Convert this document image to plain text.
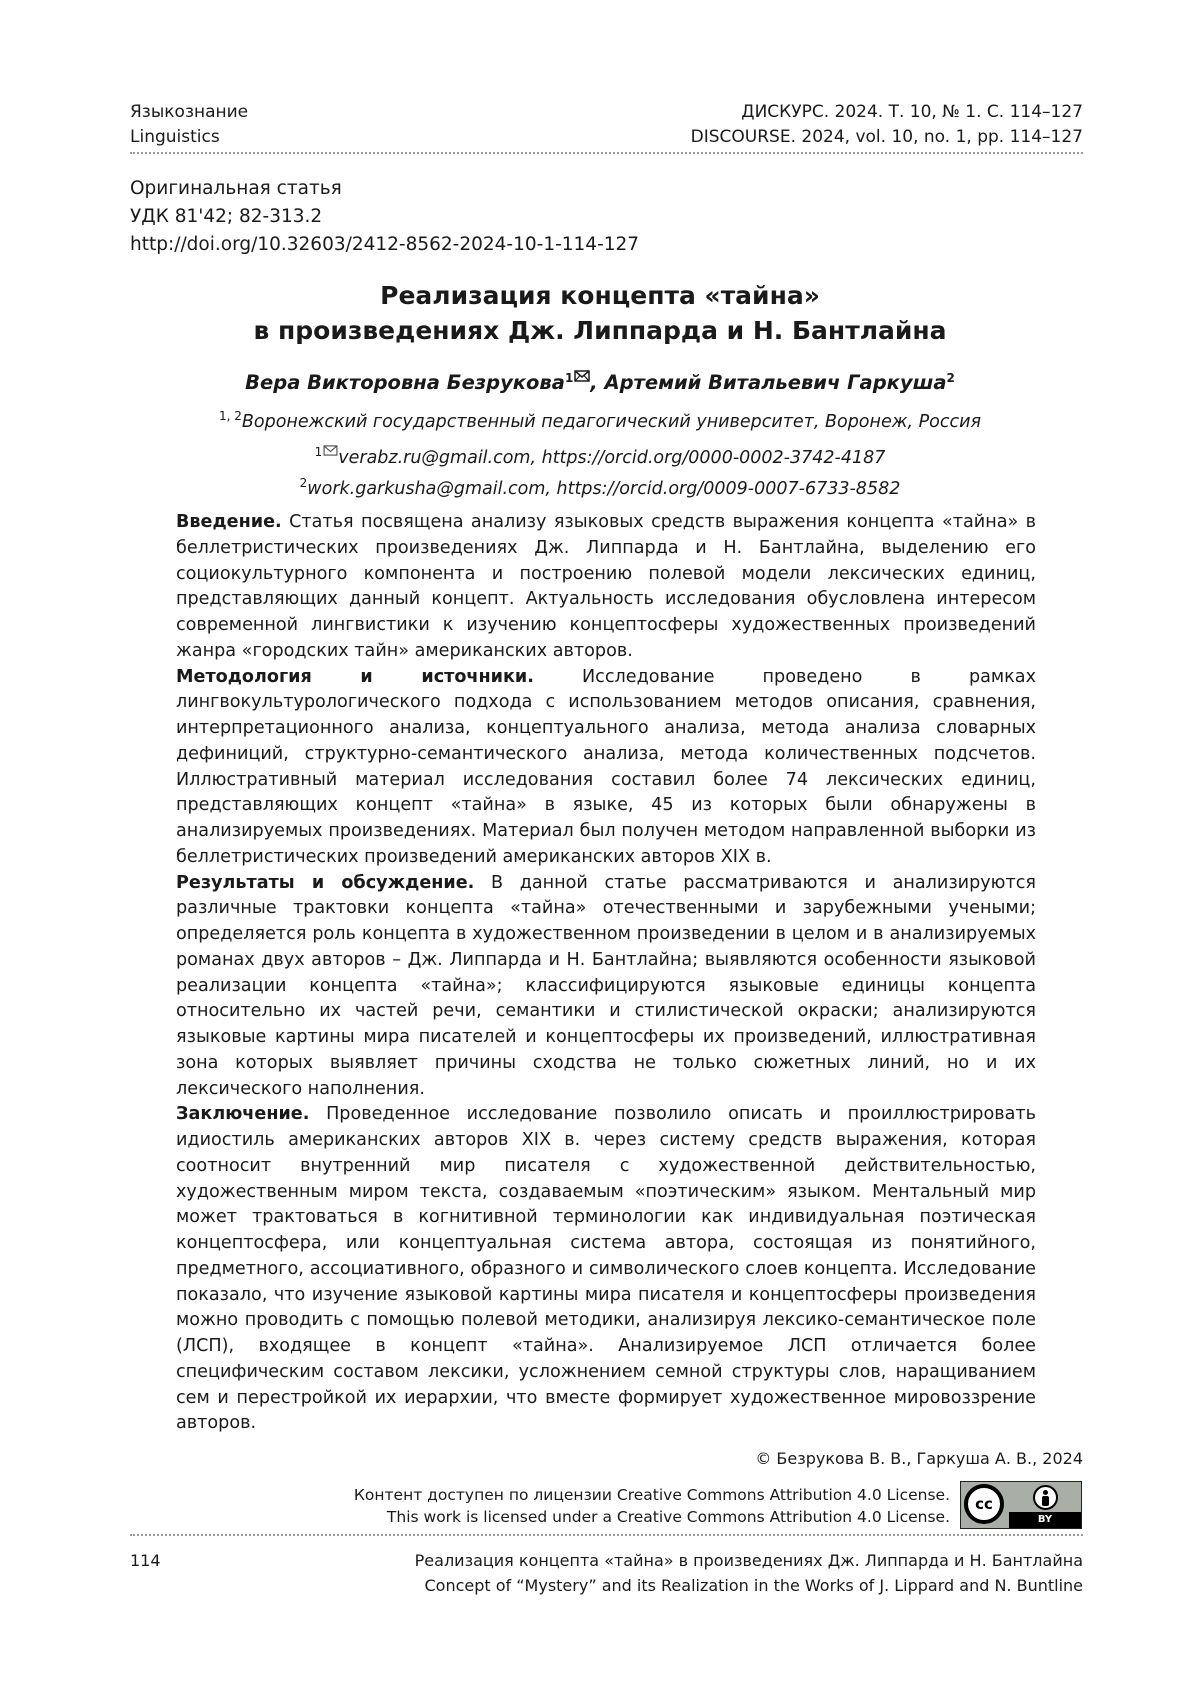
Языкознание
Linguistics
ДИСКУРС. 2024. Т. 10, № 1. С. 114–127
DISCOURSE. 2024, vol. 10, no. 1, pp. 114–127
Оригинальная статья
УДК 81'42; 82-313.2
http://doi.org/10.32603/2412-8562-2024-10-1-114-127
Реализация концепта «тайна»
в произведениях Дж. Липпарда и Н. Бантлайна
Вера Викторовна Безрукова$^1$ , Артемий Витальевич Гаркуша$^2$
$^{1, 2}$Воронежский государственный педагогический университет, Воронеж, Россия
$^1$ verabz.ru@gmail.com, https://orcid.org/0000-0002-3742-4187
$^2$work.garkusha@gmail.com, https://orcid.org/0009-0007-6733-8582

Введение. Статья посвящена анализу языковых средств выражения концепта «тайна» в беллетристических произведениях Дж. Липпарда и Н. Бантлайна, выделению его социокультурного компонента и построению полевой модели лексических единиц, представляющих данный концепт. Актуальность исследования обусловлена интересом современной лингвистики к изучению концептосферы художественных произведений жанра «городских тайн» американских авторов.

Методология и источники. Исследование проведено в рамках лингвокультурологического подхода с использованием методов описания, сравнения, интерпретационного анализа, концептуального анализа, метода анализа словарных дефиниций, структурно-семантического анализа, метода количественных подсчетов. Иллюстративный материал исследования составил более 74 лексических единиц, представляющих концепт «тайна» в языке, 45 из которых были обнаружены в анализируемых произведениях. Материал был получен методом направленной выборки из беллетристических произведений американских авторов XIX в.

Результаты и обсуждение. В данной статье рассматриваются и анализируются различные трактовки концепта «тайна» отечественными и зарубежными учеными; определяется роль концепта в художественном произведении в целом и в анализируемых романах двух авторов – Дж. Липпарда и Н. Бантлайна; выявляются особенности языковой реализации концепта «тайна»; классифицируются языковые единицы концепта относительно их частей речи, семантики и стилистической окраски; анализируются языковые картины мира писателей и концептосферы их произведений, иллюстративная зона которых выявляет причины сходства не только сюжетных линий, но и их лексического наполнения.

Заключение. Проведенное исследование позволило описать и проиллюстрировать идиостиль американских авторов XIX в. через систему средств выражения, которая соотносит внутренний мир писателя с художественной действительностью, художественным миром текста, создаваемым «поэтическим» языком. Ментальный мир может трактоваться в когнитивной терминологии как индивидуальная поэтическая концептосфера, или концептуальная система автора, состоящая из понятийного, предметного, ассоциативного, образного и символического слоев концепта. Исследование показало, что изучение языковой картины мира писателя и концептосферы произведения можно проводить с помощью полевой методики, анализируя лексико-семантическое поле (ЛСП), входящее в концепт «тайна». Анализируемое ЛСП отличается более специфическим составом лексики, усложнением семной структуры слов, наращиванием сем и перестройкой их иерархии, что вместе формирует художественное мировоззрение авторов.

© Безрукова В. В., Гаркуша А. В., 2024
Контент доступен по лицензии Creative Commons Attribution 4.0 License.
This work is licensed under a Creative Commons Attribution 4.0 License.
cc
BY
114	Реализация концепта «тайна» в произведениях Дж. Липпарда и Н. Бантлайна
Concept of “Mystery” and its Realization in the Works of J. Lippard and N. Buntline
